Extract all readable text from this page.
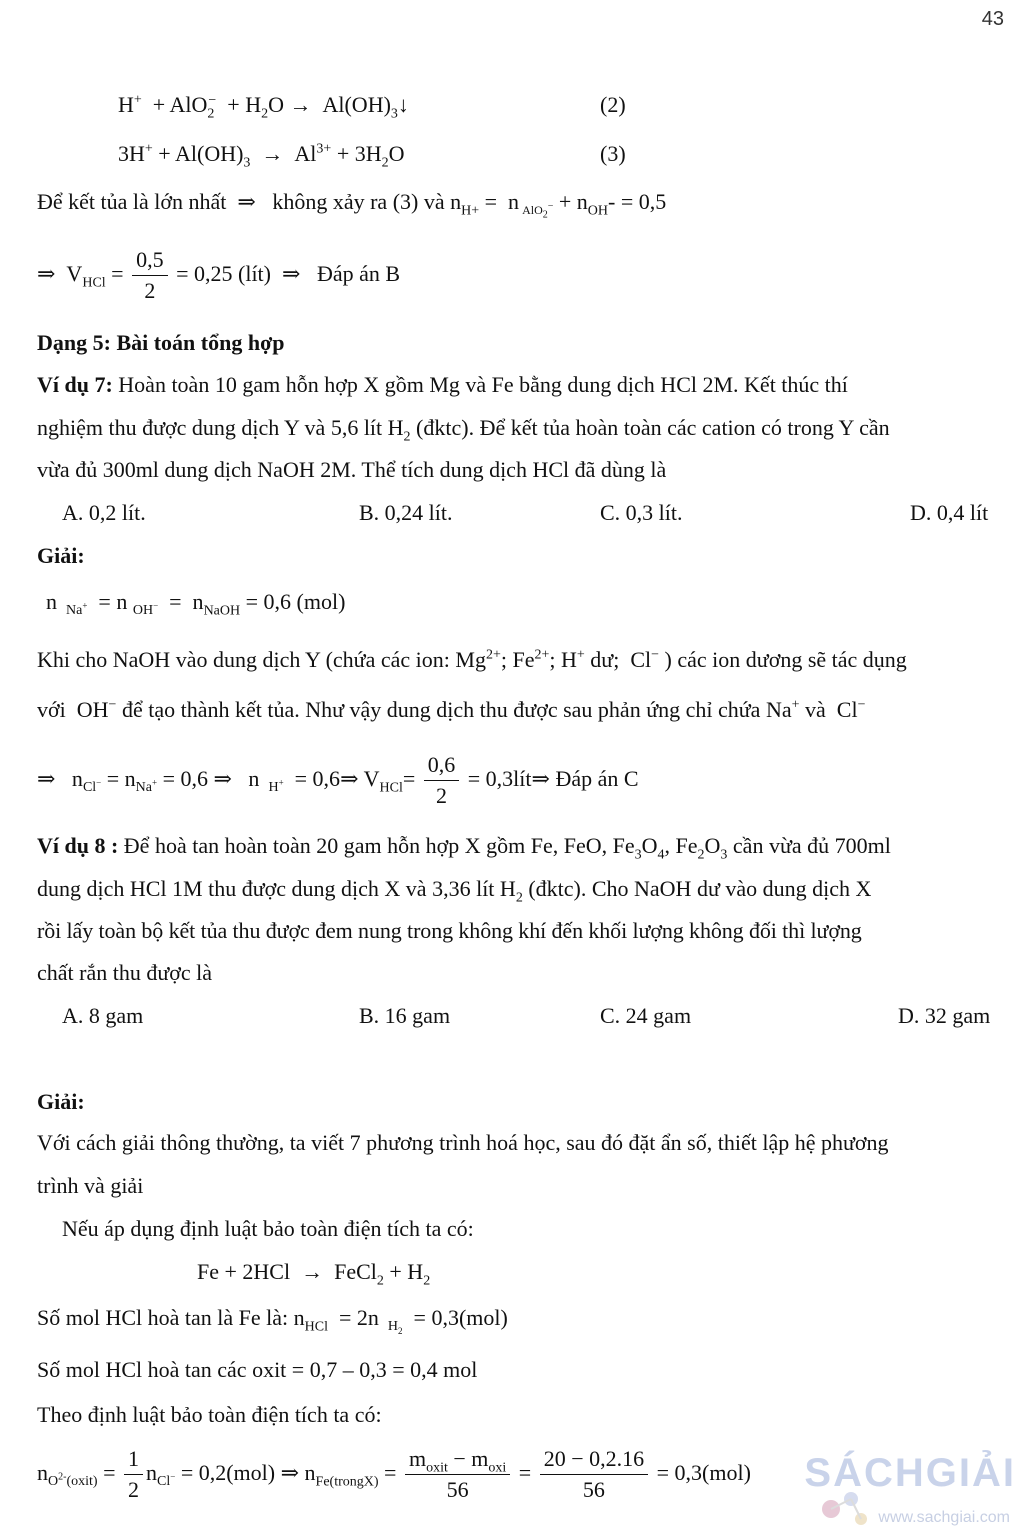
43
$H^+ + AlO_2^- + H_2O$ →  $Al(OH)_3↓$	(2)
$3H^+ + Al(OH)_3 \to Al^{3+} + 3H_2O$	(3)
Để kết tủa là lớn nhất  ⇒   không xảy ra (3) và $n_{H+} = n$ $_{AlO_2^-} + n_{OH}- = 0,5$
⇒  $V_{HCl} = \frac{0,5}{2} = 0,25$ (lít)  ⇒   Đáp án B
Dạng 5: Bài toán tổng hợp
Ví dụ 7: Hoàn toàn 10 gam hỗn hợp X gồm Mg và Fe bằng dung dịch HCl 2M. Kết thúc thí
nghiệm thu được dung dịch Y và 5,6 lít $H_2$ (đktc). Để kết tủa hoàn toàn các cation có trong Y cần
vừa đủ 300ml dung dịch NaOH 2M. Thể tích dung dịch HCl đã dùng là
A. 0,2 lít.	B. 0,24 lít.	C. 0,3 lít.	D. 0,4 lít
Giải:
n  $_{Na^+}$ = n $_{OH^-} = n_{NaOH} = 0,6$ (mol)
Khi cho NaOH vào dung dịch Y (chứa các ion: $Mg^{2+}$; $Fe^{2+}$; H+ dư;  Cl− ) các ion dương sẽ tác dụng
với  OH− để tạo thành kết tủa. Như vậy dung dịch thu được sau phản ứng chỉ chứa Na+ và  Cl−
⇒   $n_{Cl^-} = n_{Na^+} = 0,6$ ⇒   n  $_{H^+}$ = 0,6⇒ $V_{HCl}= \frac{0,6}{2}$ = 0,3lít⇒ Đáp án C
Ví dụ 8 : Để hoà tan hoàn toàn 20 gam hỗn hợp X gồm Fe, FeO, $Fe_3O_4$, $Fe_2O_3$ cần vừa đủ 700ml
dung dịch HCl 1M thu được dung dịch X và 3,36 lít $H_2$ (đktc). Cho NaOH dư vào dung dịch X
rồi lấy toàn bộ kết tủa thu được đem nung trong không khí đến khối lượng không đối thì lượng
chất rắn thu được là
A. 8 gam	B. 16 gam	C. 24 gam	D. 32 gam
Giải:
Với cách giải thông thường, ta viết 7 phương trình hoá học, sau đó đặt ẩn số, thiết lập hệ phương
trình và giải
Nếu áp dụng định luật bảo toàn điện tích ta có:
Fe + 2HCl  →  FeCl$_2$ + $H_2$
Số mol HCl hoà tan là Fe là: $n_{HCl} = 2n$  $_{H_2}$  = 0,3(mol)
Số mol HCl hoà tan các oxit = 0,7 – 0,3 = 0,4 mol
Theo định luật bảo toàn điện tích ta có:
$n_{O^{2-}(oxit)} = \frac{1}{2} n_{Cl^-} = 0,2(mol)$ ⇒ $n_{Fe(trongX)} = \frac{m_{oxit} - m_{oxi}}{56} = \frac{20 - 0,2.16}{56} = 0,3(mol)$ SÁCHGIẢI
www.sachgiai.com
